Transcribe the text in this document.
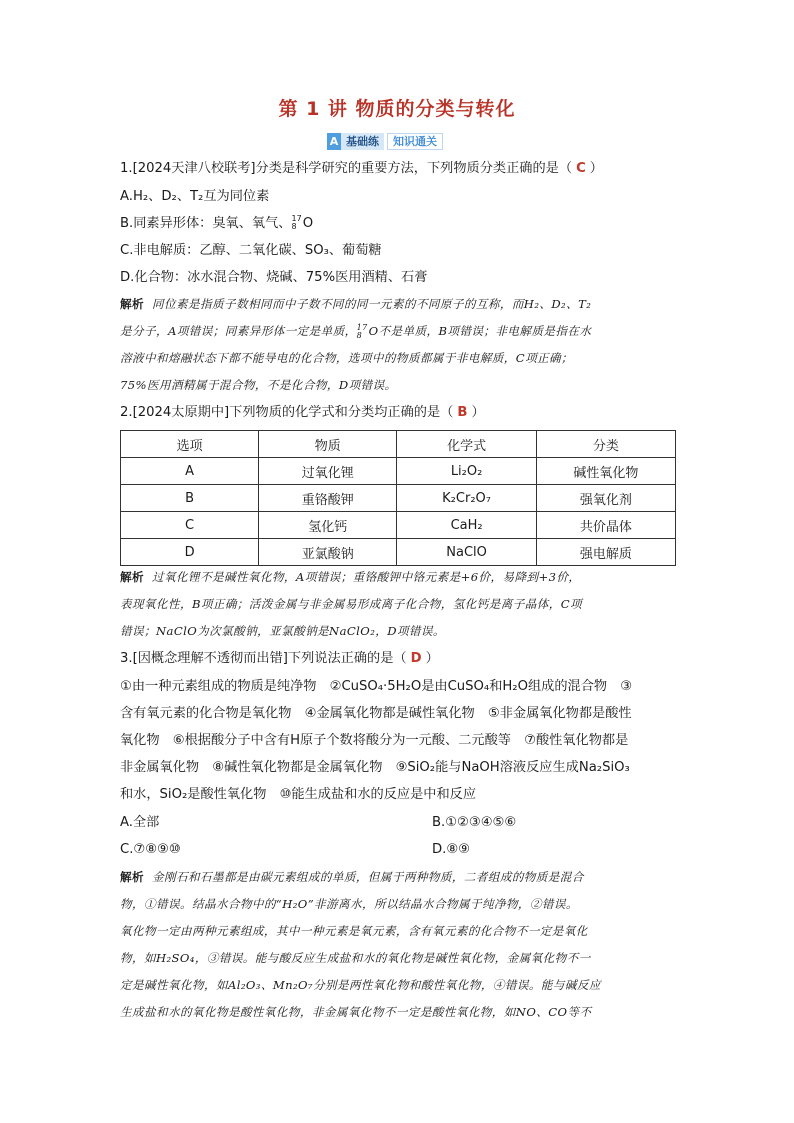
第 1 讲 物质的分类与转化
A 基础练	知识通关
1.[2024天津八校联考]分类是科学研究的重要方法，下列物质分类正确的是（ C ）
A.H₂、D₂、T₂互为同位素
B.同素异形体：臭氧、氧气、 17
8 O
C.非电解质：乙醇、二氧化碳、SO₃、葡萄糖
D.化合物：冰水混合物、烧碱、75%医用酒精、石膏
解析 同位素是指质子数相同而中子数不同的同一元素的不同原子的互称，而H₂、D₂、T₂
是分子，A项错误；同素异形体一定是单质， 17
8 O不是单质，B项错误；非电解质是指在水
溶液中和熔融状态下都不能导电的化合物，选项中的物质都属于非电解质，C项正确；
75%医用酒精属于混合物，不是化合物，D项错误。
2.[2024太原期中]下列物质的化学式和分类均正确的是（ B ）
选项	物质	化学式	分类
A	过氧化锂	Li₂O₂	碱性氧化物
B	重铬酸钾	K₂Cr₂O₇	强氧化剂
C	氢化钙	CaH₂	共价晶体
D	亚氯酸钠	NaClO	强电解质
解析 过氧化锂不是碱性氧化物，A项错误；重铬酸钾中铬元素是+6价，易降到+3价，
表现氧化性，B项正确；活泼金属与非金属易形成离子化合物，氢化钙是离子晶体，C项
错误；NaClO为次氯酸钠，亚氯酸钠是NaClO₂，D项错误。
3.[因概念理解不透彻而出错]下列说法正确的是（ D ）
①由一种元素组成的物质是纯净物　②CuSO₄·5H₂O是由CuSO₄和H₂O组成的混合物　③
含有氧元素的化合物是氧化物　④金属氧化物都是碱性氧化物　⑤非金属氧化物都是酸性
氧化物　⑥根据酸分子中含有H原子个数将酸分为一元酸、二元酸等　⑦酸性氧化物都是
非金属氧化物　⑧碱性氧化物都是金属氧化物　⑨SiO₂能与NaOH溶液反应生成Na₂SiO₃
和水，SiO₂是酸性氧化物　⑩能生成盐和水的反应是中和反应
A.全部	B.①②③④⑤⑥
C.⑦⑧⑨⑩	D.⑧⑨
解析 金刚石和石墨都是由碳元素组成的单质，但属于两种物质，二者组成的物质是混合
物，①错误。结晶水合物中的“H₂O”非游离水，所以结晶水合物属于纯净物，②错误。
氧化物一定由两种元素组成，其中一种元素是氧元素，含有氧元素的化合物不一定是氧化
物，如H₂SO₄，③错误。能与酸反应生成盐和水的氧化物是碱性氧化物，金属氧化物不一
定是碱性氧化物，如Al₂O₃、Mn₂O₇分别是两性氧化物和酸性氧化物，④错误。能与碱反应
生成盐和水的氧化物是酸性氧化物，非金属氧化物不一定是酸性氧化物，如NO、CO等不
